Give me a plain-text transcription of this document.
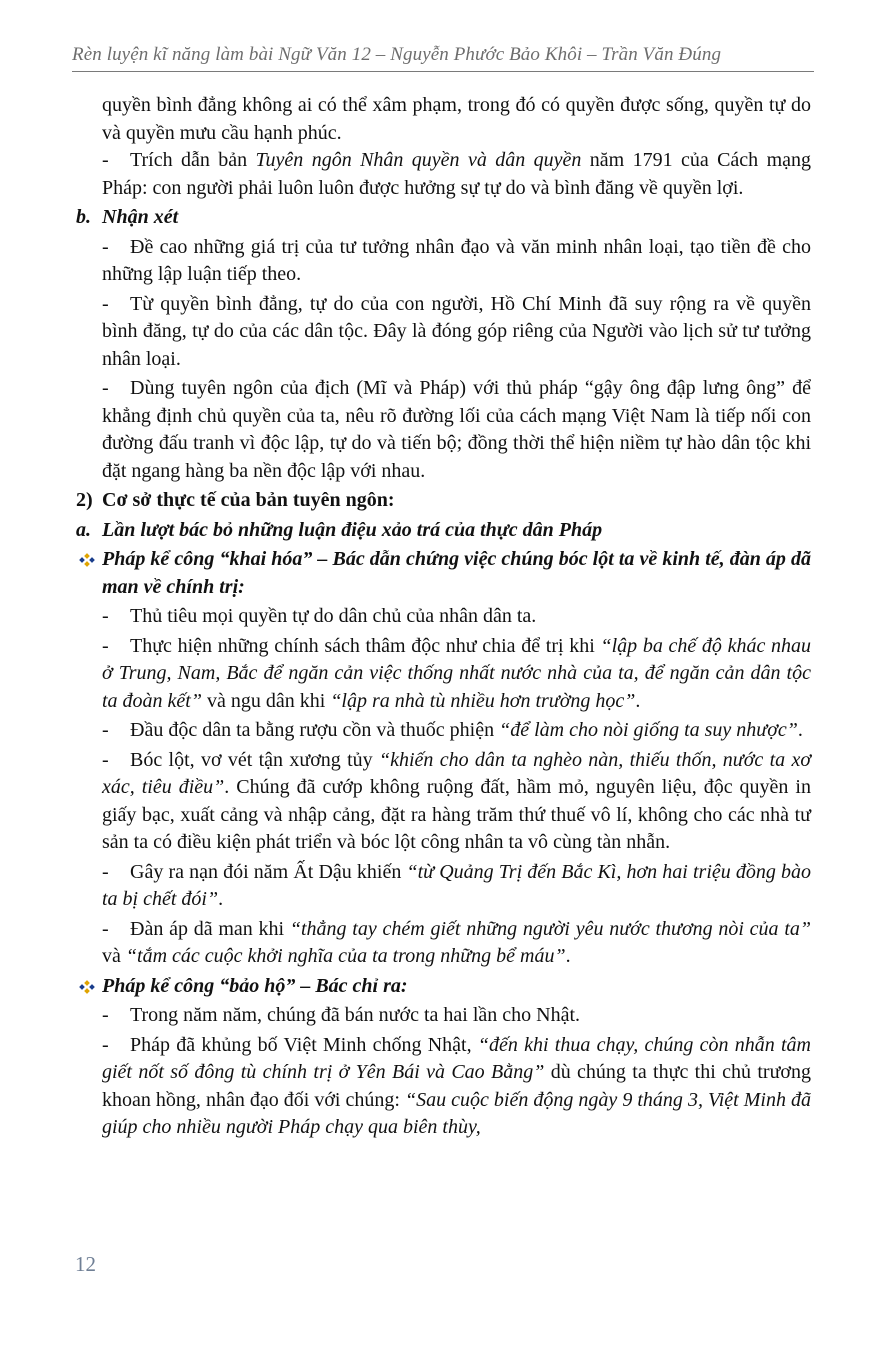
Rèn luyện kĩ năng làm bài Ngữ Văn 12 – Nguyễn Phước Bảo Khôi – Trần Văn Đúng

quyền bình đẳng không ai có thể xâm phạm, trong đó có quyền được sống, quyền tự do và quyền mưu cầu hạnh phúc.

- Trích dẫn bản Tuyên ngôn Nhân quyền và dân quyền năm 1791 của Cách mạng Pháp: con người phải luôn luôn được hưởng sự tự do và bình đăng về quyền lợi.

b. Nhận xét

- Đề cao những giá trị của tư tưởng nhân đạo và văn minh nhân loại, tạo tiền đề cho những lập luận tiếp theo.

- Từ quyền bình đẳng, tự do của con người, Hồ Chí Minh đã suy rộng ra về quyền bình đăng, tự do của các dân tộc. Đây là đóng góp riêng của Người vào lịch sử tư tưởng nhân loại.

- Dùng tuyên ngôn của địch (Mĩ và Pháp) với thủ pháp “gậy ông đập lưng ông” để khẳng định chủ quyền của ta, nêu rõ đường lối của cách mạng Việt Nam là tiếp nối con đường đấu tranh vì độc lập, tự do và tiến bộ; đồng thời thể hiện niềm tự hào dân tộc khi đặt ngang hàng ba nền độc lập với nhau.

2) Cơ sở thực tế của bản tuyên ngôn:
a. Lần lượt bác bỏ những luận điệu xảo trá của thực dân Pháp

Pháp kể công “khai hóa” – Bác dẫn chứng việc chúng bóc lột ta về kinh tế, đàn áp dã man về chính trị:

- Thủ tiêu mọi quyền tự do dân chủ của nhân dân ta.

- Thực hiện những chính sách thâm độc như chia để trị khi “lập ba chế độ khác nhau ở Trung, Nam, Bắc để ngăn cản việc thống nhất nước nhà của ta, để ngăn cản dân tộc ta đoàn kết” và ngu dân khi “lập ra nhà tù nhiều hơn trường học”.

- Đầu độc dân ta bằng rượu cồn và thuốc phiện “để làm cho nòi giống ta suy nhược”.

- Bóc lột, vơ vét tận xương tủy “khiến cho dân ta nghèo nàn, thiếu thốn, nước ta xơ xác, tiêu điều”. Chúng đã cướp không ruộng đất, hầm mỏ, nguyên liệu, độc quyền in giấy bạc, xuất cảng và nhập cảng, đặt ra hàng trăm thứ thuế vô lí, không cho các nhà tư sản ta có điều kiện phát triển và bóc lột công nhân ta vô cùng tàn nhẫn.

- Gây ra nạn đói năm Ất Dậu khiến “từ Quảng Trị đến Bắc Kì, hơn hai triệu đồng bào ta bị chết đói”.

- Đàn áp dã man khi “thẳng tay chém giết những người yêu nước thương nòi của ta” và “tắm các cuộc khởi nghĩa của ta trong những bể máu”.

Pháp kể công “bảo hộ” – Bác chỉ ra:

- Trong năm năm, chúng đã bán nước ta hai lần cho Nhật.

- Pháp đã khủng bố Việt Minh chống Nhật, “đến khi thua chạy, chúng còn nhẫn tâm giết nốt số đông tù chính trị ở Yên Bái và Cao Bằng” dù chúng ta thực thi chủ trương khoan hồng, nhân đạo đối với chúng: “Sau cuộc biến động ngày 9 tháng 3, Việt Minh đã giúp cho nhiều người Pháp chạy qua biên thùy,

12
